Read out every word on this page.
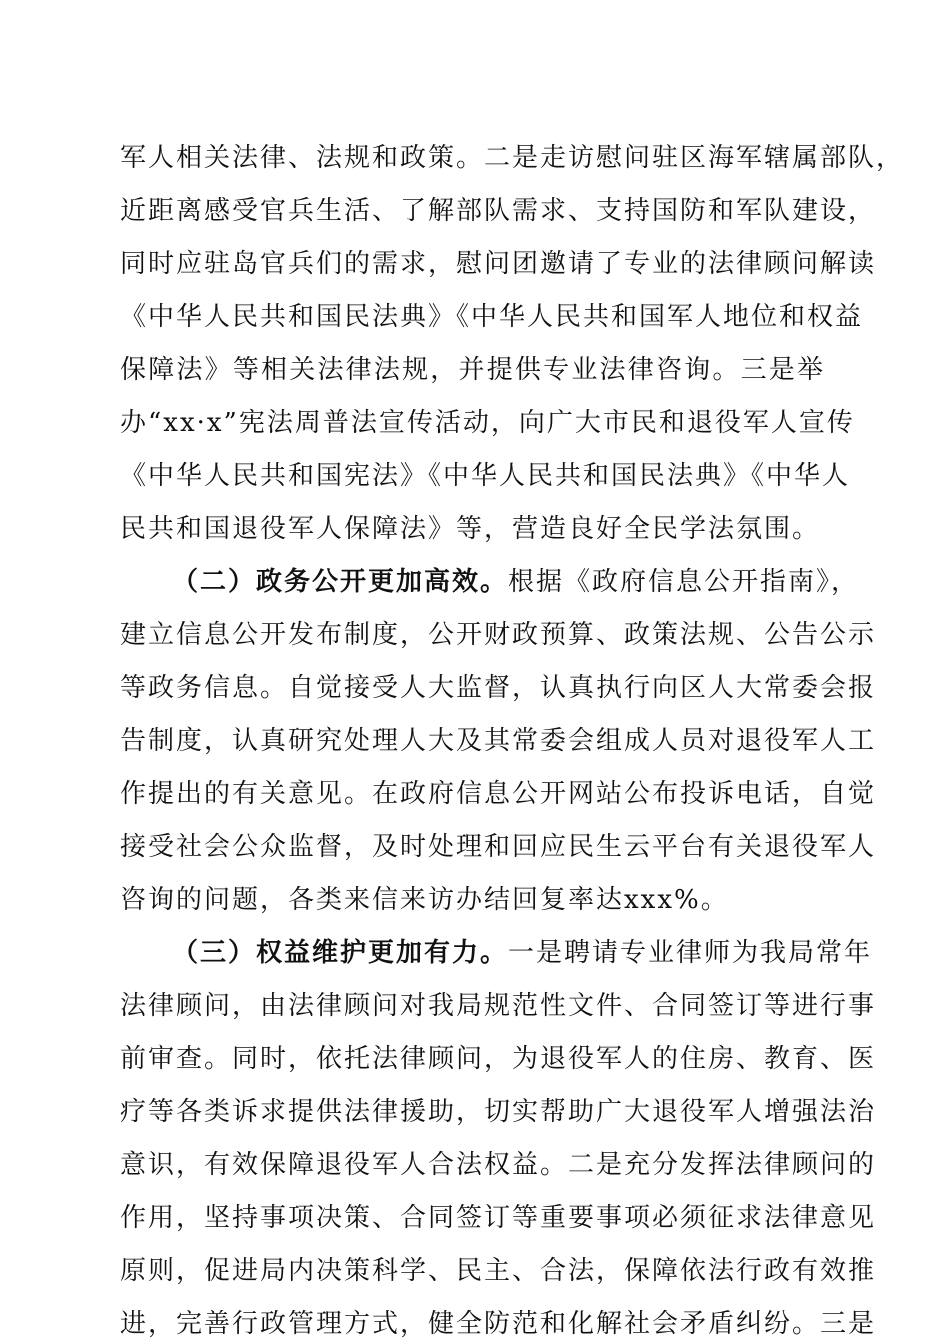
军人相关法律、法规和政策。二是走访慰问驻区海军辖属部队，
近距离感受官兵生活、了解部队需求、支持国防和军队建设，
同时应驻岛官兵们的需求，慰问团邀请了专业的法律顾问解读
《中华人民共和国民法典》《中华人民共和国军人地位和权益
保障法》等相关法律法规，并提供专业法律咨询。三是举
办“xx·x”宪法周普法宣传活动，向广大市民和退役军人宣传
《中华人民共和国宪法》《中华人民共和国民法典》《中华人
民共和国退役军人保障法》等，营造良好全民学法氛围。
（二）政务公开更加高效。根据《政府信息公开指南》，
建立信息公开发布制度，公开财政预算、政策法规、公告公示
等政务信息。自觉接受人大监督，认真执行向区人大常委会报
告制度，认真研究处理人大及其常委会组成人员对退役军人工
作提出的有关意见。在政府信息公开网站公布投诉电话，自觉
接受社会公众监督，及时处理和回应民生云平台有关退役军人
咨询的问题，各类来信来访办结回复率达xxx%。
（三）权益维护更加有力。一是聘请专业律师为我局常年
法律顾问，由法律顾问对我局规范性文件、合同签订等进行事
前审查。同时，依托法律顾问，为退役军人的住房、教育、医
疗等各类诉求提供法律援助，切实帮助广大退役军人增强法治
意识，有效保障退役军人合法权益。二是充分发挥法律顾问的
作用，坚持事项决策、合同签订等重要事项必须征求法律意见
原则，促进局内决策科学、民主、合法，保障依法行政有效推
进，完善行政管理方式，健全防范和化解社会矛盾纠纷。三是
